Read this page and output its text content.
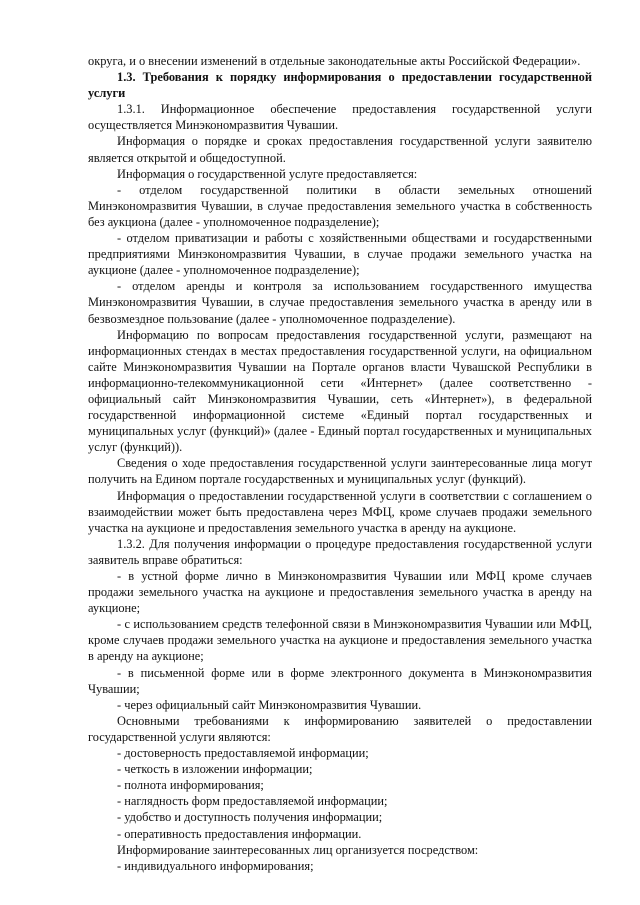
округа, и о внесении изменений в отдельные законодательные акты Российской Федерации».

1.3. Требования к порядку информирования о предоставлении государственной услуги

1.3.1. Информационное обеспечение предоставления государственной услуги осуществляется Минэкономразвития Чувашии.

Информация о порядке и сроках предоставления государственной услуги заявителю является открытой и общедоступной.

Информация о государственной услуге предоставляется:

- отделом государственной политики в области земельных отношений Минэкономразвития Чувашии, в случае предоставления земельного участка в собственность без аукциона (далее - уполномоченное подразделение);

- отделом приватизации и работы с хозяйственными обществами и государственными предприятиями Минэкономразвития Чувашии, в случае продажи земельного участка на аукционе (далее - уполномоченное подразделение);

- отделом аренды и контроля за использованием государственного имущества Минэкономразвития Чувашии, в случае предоставления земельного участка в аренду или в безвозмездное пользование (далее - уполномоченное подразделение).

Информацию по вопросам предоставления государственной услуги, размещают на информационных стендах в местах предоставления государственной услуги, на официальном сайте Минэкономразвития Чувашии на Портале органов власти Чувашской Республики в информационно-телекоммуникационной сети «Интернет» (далее соответственно - официальный сайт Минэкономразвития Чувашии, сеть «Интернет»), в федеральной государственной информационной системе «Единый портал государственных и муниципальных услуг (функций)» (далее - Единый портал государственных и муниципальных услуг (функций)).

Сведения о ходе предоставления государственной услуги заинтересованные лица могут получить на Едином портале государственных и муниципальных услуг (функций).

Информация о предоставлении государственной услуги в соответствии с соглашением о взаимодействии может быть предоставлена через МФЦ, кроме случаев продажи земельного участка на аукционе и предоставления земельного участка в аренду на аукционе.

1.3.2. Для получения информации о процедуре предоставления государственной услуги заявитель вправе обратиться:

- в устной форме лично в Минэкономразвития Чувашии или МФЦ кроме случаев продажи земельного участка на аукционе и предоставления земельного участка в аренду на аукционе;

- с использованием средств телефонной связи в Минэкономразвития Чувашии или МФЦ, кроме случаев продажи земельного участка на аукционе и предоставления земельного участка в аренду на аукционе;

- в письменной форме или в форме электронного документа в Минэкономразвития Чувашии;

- через официальный сайт Минэкономразвития Чувашии.

Основными требованиями к информированию заявителей о предоставлении государственной услуги являются:

- достоверность предоставляемой информации;

- четкость в изложении информации;

- полнота информирования;

- наглядность форм предоставляемой информации;

- удобство и доступность получения информации;

- оперативность предоставления информации.

Информирование заинтересованных лиц организуется посредством:

- индивидуального информирования;
